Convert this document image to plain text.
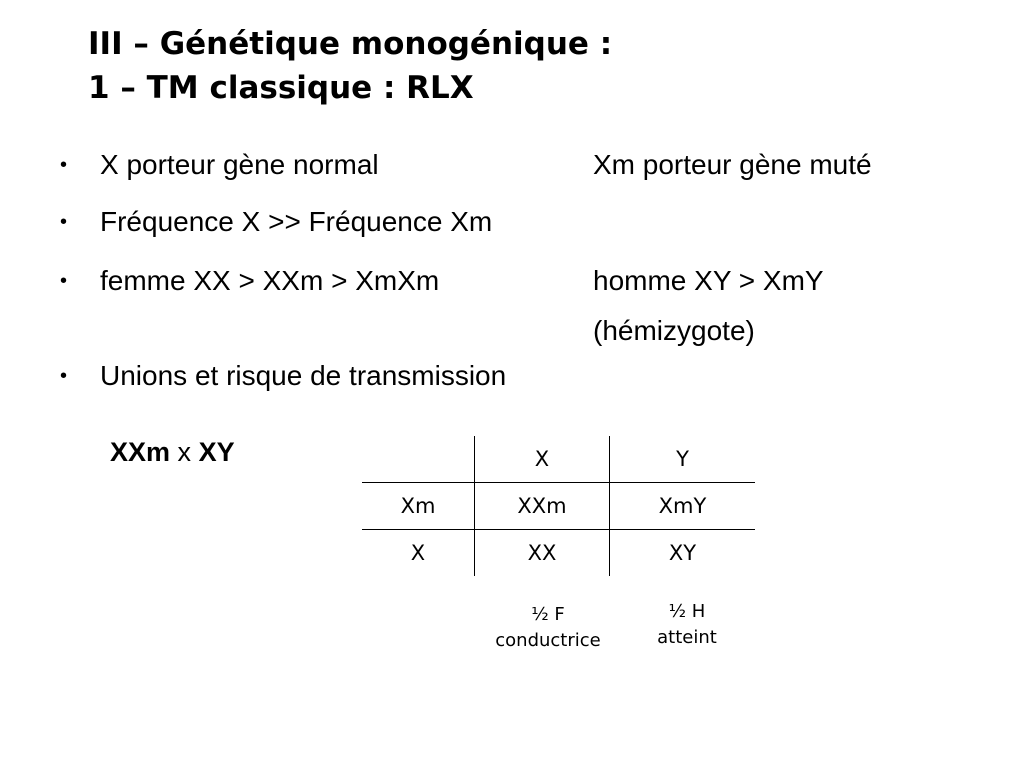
III – Génétique monogénique :
1 – TM classique : RLX
• X porteur gène normal	Xm porteur gène muté
• Fréquence X >> Fréquence Xm
• femme XX > XXm > XmXm	homme XY > XmY
(hémizygote)
• Unions et risque de transmission
XXm x XY
		X	Y
Xm	XXm	XmY
X	XX	XY
½ F
conductrice
½ H
atteint
